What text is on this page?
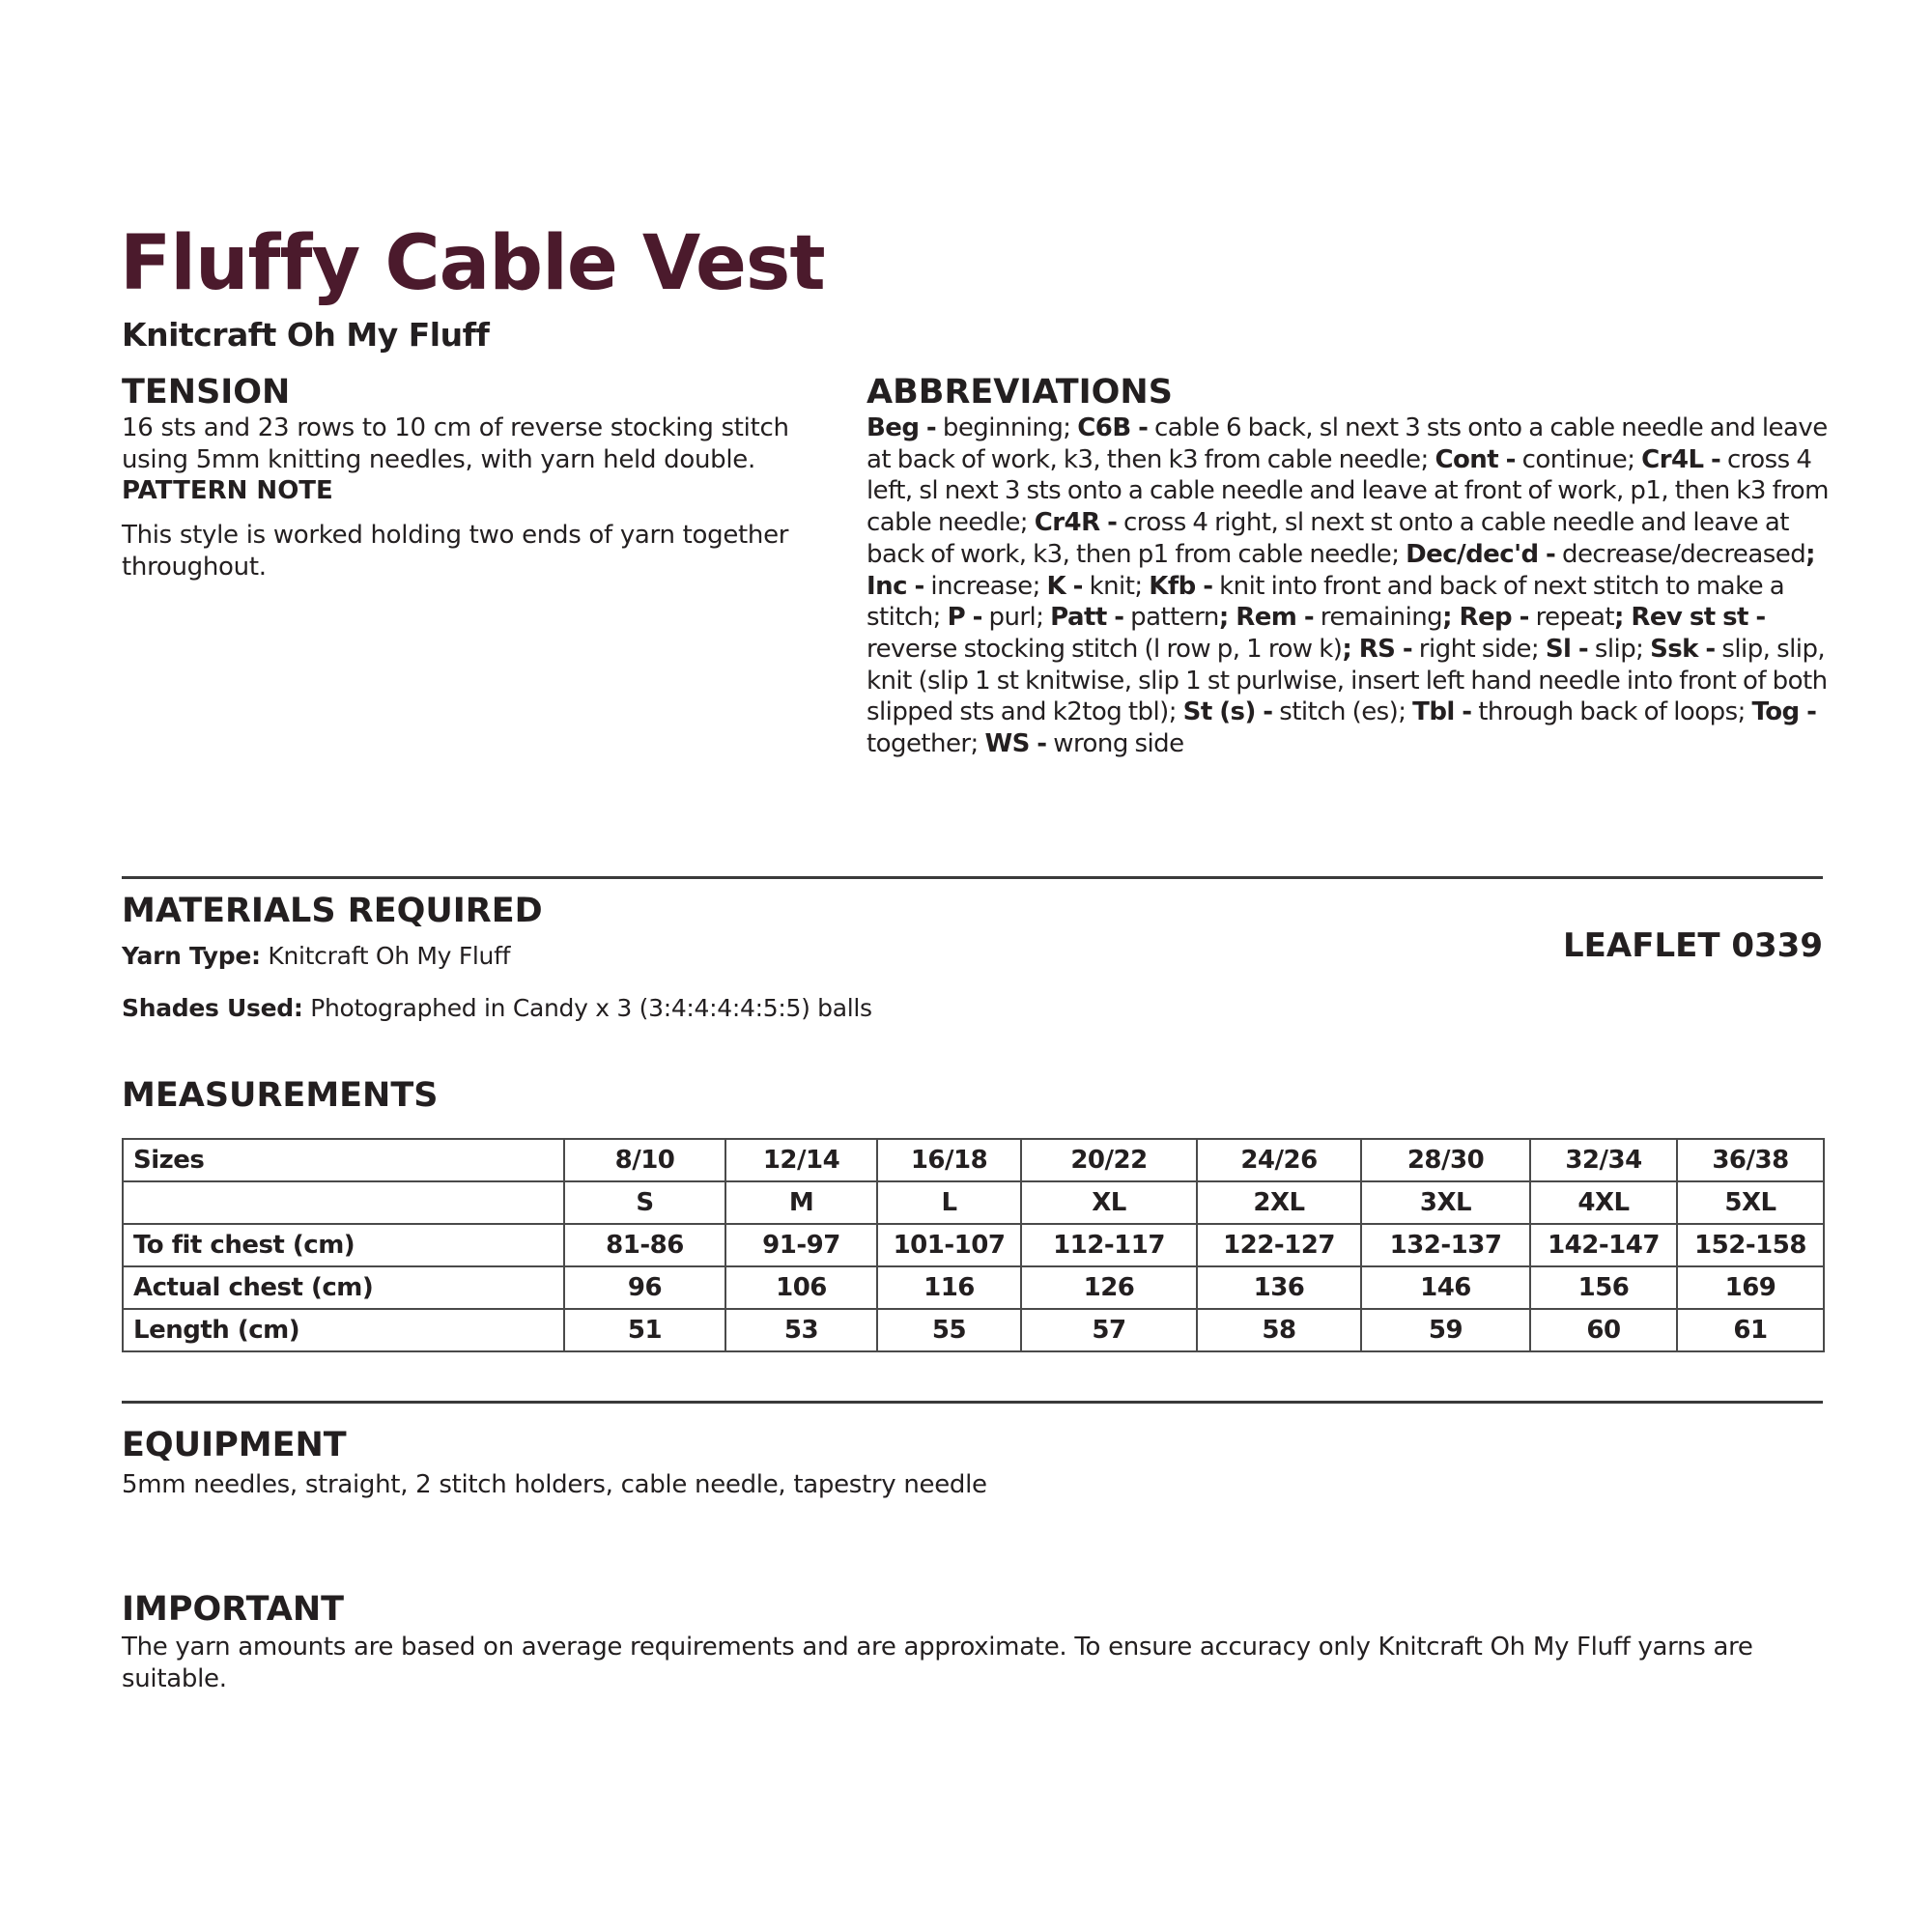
Fluffy Cable Vest

Knitcraft Oh My Fluff

TENSION

16 sts and 23 rows to 10 cm of reverse stocking stitch using 5mm knitting needles, with yarn held double.

PATTERN NOTE

This style is worked holding two ends of yarn together throughout.

ABBREVIATIONS

Beg - beginning; C6B - cable 6 back, sl next 3 sts onto a cable needle and leave at back of work, k3, then k3 from cable needle; Cont - continue; Cr4L - cross 4 left, sl next 3 sts onto a cable needle and leave at front of work, p1, then k3 from cable needle; Cr4R - cross 4 right, sl next st onto a cable needle and leave at back of work, k3, then p1 from cable needle; Dec/dec'd - decrease/decreased; Inc - increase; K - knit; Kfb - knit into front and back of next stitch to make a stitch; P - purl; Patt - pattern; Rem - remaining; Rep - repeat; Rev st st - reverse stocking stitch (l row p, 1 row k); RS - right side; Sl - slip; Ssk - slip, slip, knit (slip 1 st knitwise, slip 1 st purlwise, insert left hand needle into front of both slipped sts and k2tog tbl); St (s) - stitch (es); Tbl - through back of loops; Tog - together; WS - wrong side

MATERIALS REQUIRED

Yarn Type: Knitcraft Oh My Fluff

Shades Used: Photographed in Candy x 3 (3:4:4:4:4:5:5) balls

LEAFLET 0339

MEASUREMENTS
Sizes	8/10	12/14	16/18	20/22	24/26	28/30	32/34	36/38
	S	M	L	XL	2XL	3XL	4XL	5XL
To fit chest (cm)	81-86	91-97	101-107	112-117	122-127	132-137	142-147	152-158
Actual chest (cm)	96	106	116	126	136	146	156	169
Length (cm)	51	53	55	57	58	59	60	61
EQUIPMENT

5mm needles, straight, 2 stitch holders, cable needle, tapestry needle

IMPORTANT

The yarn amounts are based on average requirements and are approximate. To ensure accuracy only Knitcraft Oh My Fluff yarns are suitable.
